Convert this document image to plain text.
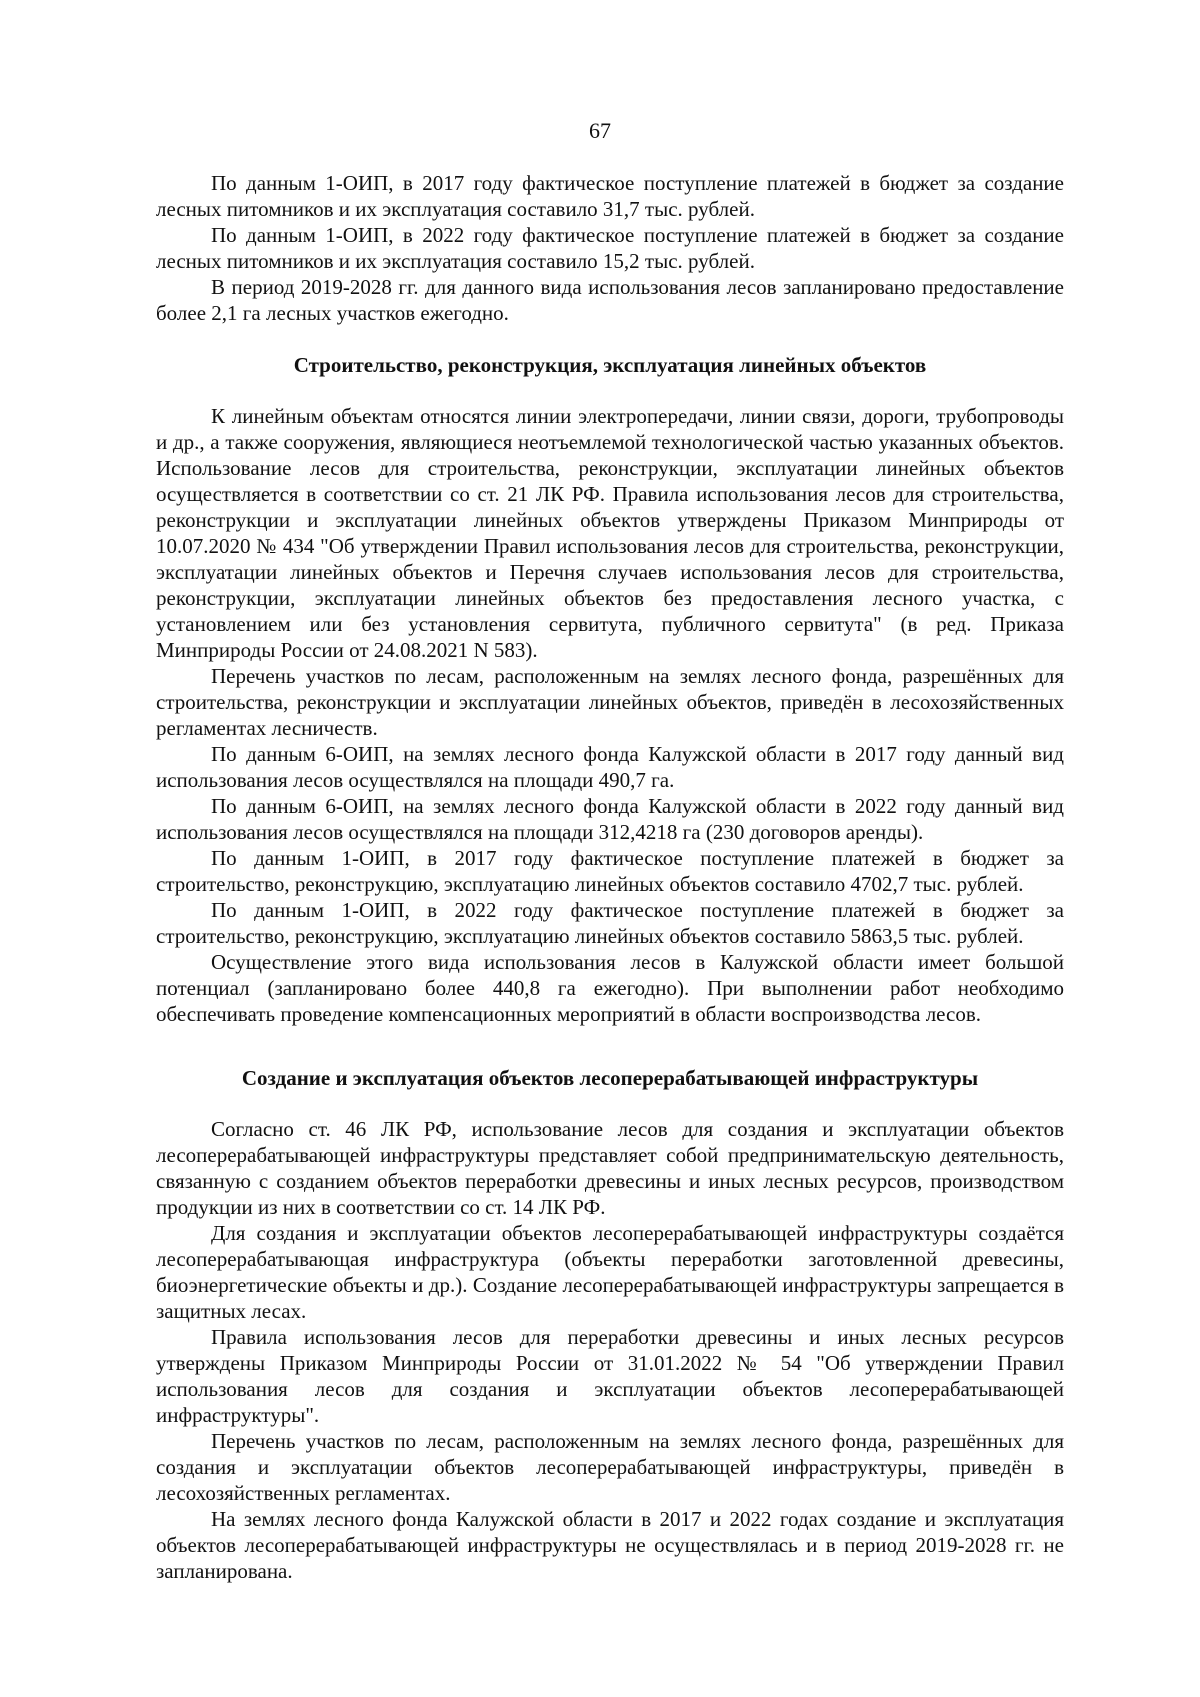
67

По данным 1-ОИП, в 2017 году фактическое поступление платежей в бюджет за создание лесных питомников и их эксплуатация составило 31,7 тыс. рублей.

По данным 1-ОИП, в 2022 году фактическое поступление платежей в бюджет за создание лесных питомников и их эксплуатация составило 15,2 тыс. рублей.

В период 2019-2028 гг. для данного вида использования лесов запланировано предоставление более 2,1 га лесных участков ежегодно.

Строительство, реконструкция, эксплуатация линейных объектов

К линейным объектам относятся линии электропередачи, линии связи, дороги, трубопроводы и др., а также сооружения, являющиеся неотъемлемой технологической частью указанных объектов. Использование лесов для строительства, реконструкции, эксплуатации линейных объектов осуществляется в соответствии со ст. 21 ЛК РФ. Правила использования лесов для строительства, реконструкции и эксплуатации линейных объектов утверждены Приказом Минприроды от 10.07.2020 № 434 "Об утверждении Правил использования лесов для строительства, реконструкции, эксплуатации линейных объектов и Перечня случаев использования лесов для строительства, реконструкции, эксплуатации линейных объектов без предоставления лесного участка, с установлением или без установления сервитута, публичного сервитута" (в ред. Приказа Минприроды России от 24.08.2021 N 583).

Перечень участков по лесам, расположенным на землях лесного фонда, разрешённых для строительства, реконструкции и эксплуатации линейных объектов, приведён в лесохозяйственных регламентах лесничеств.

По данным 6-ОИП, на землях лесного фонда Калужской области в 2017 году данный вид использования лесов осуществлялся на площади 490,7 га.

По данным 6-ОИП, на землях лесного фонда Калужской области в 2022 году данный вид использования лесов осуществлялся на площади 312,4218 га (230 договоров аренды).

По данным 1-ОИП, в 2017 году фактическое поступление платежей в бюджет за строительство, реконструкцию, эксплуатацию линейных объектов составило 4702,7 тыс. рублей.

По данным 1-ОИП, в 2022 году фактическое поступление платежей в бюджет за строительство, реконструкцию, эксплуатацию линейных объектов составило 5863,5 тыс. рублей.

Осуществление этого вида использования лесов в Калужской области имеет большой потенциал (запланировано более 440,8 га ежегодно). При выполнении работ необходимо обеспечивать проведение компенсационных мероприятий в области воспроизводства лесов.

Создание и эксплуатация объектов лесоперерабатывающей инфраструктуры

Согласно ст. 46 ЛК РФ, использование лесов для создания и эксплуатации объектов лесоперерабатывающей инфраструктуры представляет собой предпринимательскую деятельность, связанную с созданием объектов переработки древесины и иных лесных ресурсов, производством продукции из них в соответствии со ст. 14 ЛК РФ.

Для создания и эксплуатации объектов лесоперерабатывающей инфраструктуры создаётся лесоперерабатывающая инфраструктура (объекты переработки заготовленной древесины, биоэнергетические объекты и др.). Создание лесоперерабатывающей инфраструктуры запрещается в защитных лесах.

Правила использования лесов для переработки древесины и иных лесных ресурсов утверждены Приказом Минприроды России от 31.01.2022 № 54 "Об утверждении Правил использования лесов для создания и эксплуатации объектов лесоперерабатывающей инфраструктуры".

Перечень участков по лесам, расположенным на землях лесного фонда, разрешённых для создания и эксплуатации объектов лесоперерабатывающей инфраструктуры, приведён в лесохозяйственных регламентах.

На землях лесного фонда Калужской области в 2017 и 2022 годах создание и эксплуатация объектов лесоперерабатывающей инфраструктуры не осуществлялась и в период 2019-2028 гг. не запланирована.
